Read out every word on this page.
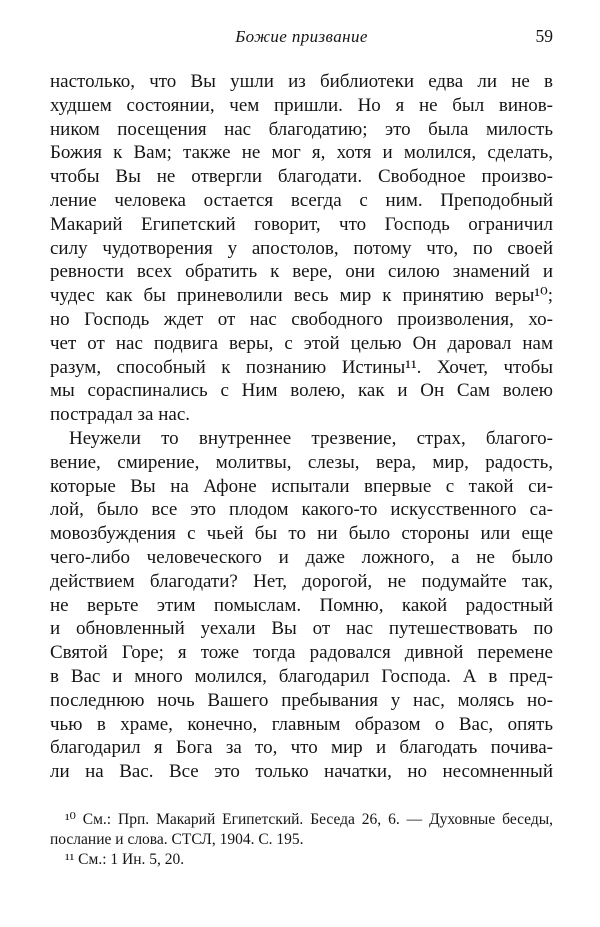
Божие призвание	59
настолько, что Вы ушли из библиотеки едва ли не в
худшем состоянии, чем пришли. Но я не был винов-
ником посещения нас благодатию; это была милость
Божия к Вам; также не мог я, хотя и молился, сделать,
чтобы Вы не отвергли благодати. Свободное произво-
ление человека остается всегда с ним. Преподобный
Макарий Египетский говорит, что Господь ограничил
силу чудотворения у апостолов, потому что, по своей
ревности всех обратить к вере, они силою знамений и
чудес как бы приневолили весь мир к принятию веры¹⁰;
но Господь ждет от нас свободного произволения, хо-
чет от нас подвига веры, с этой целью Он даровал нам
разум, способный к познанию Истины¹¹. Хочет, чтобы
мы сораспинались с Ним волею, как и Он Сам волею
пострадал за нас.
Неужели то внутреннее трезвение, страх, благого-
вение, смирение, молитвы, слезы, вера, мир, радость,
которые Вы на Афоне испытали впервые с такой си-
лой, было все это плодом какого-то искусственного са-
мовозбуждения с чьей бы то ни было стороны или еще
чего-либо человеческого и даже ложного, а не было
действием благодати? Нет, дорогой, не подумайте так,
не верьте этим помыслам. Помню, какой радостный
и обновленный уехали Вы от нас путешествовать по
Святой Горе; я тоже тогда радовался дивной перемене
в Вас и много молился, благодарил Господа. А в пред-
последнюю ночь Вашего пребывания у нас, молясь но-
чью в храме, конечно, главным образом о Вас, опять
благодарил я Бога за то, что мир и благодать почива-
ли на Вас. Все это только начатки, но несомненный
¹⁰ См.: Прп. Макарий Египетский. Беседа 26, 6. — Духовные беседы,
послание и слова. СТСЛ, 1904. С. 195.
¹¹ См.: 1 Ин. 5, 20.
